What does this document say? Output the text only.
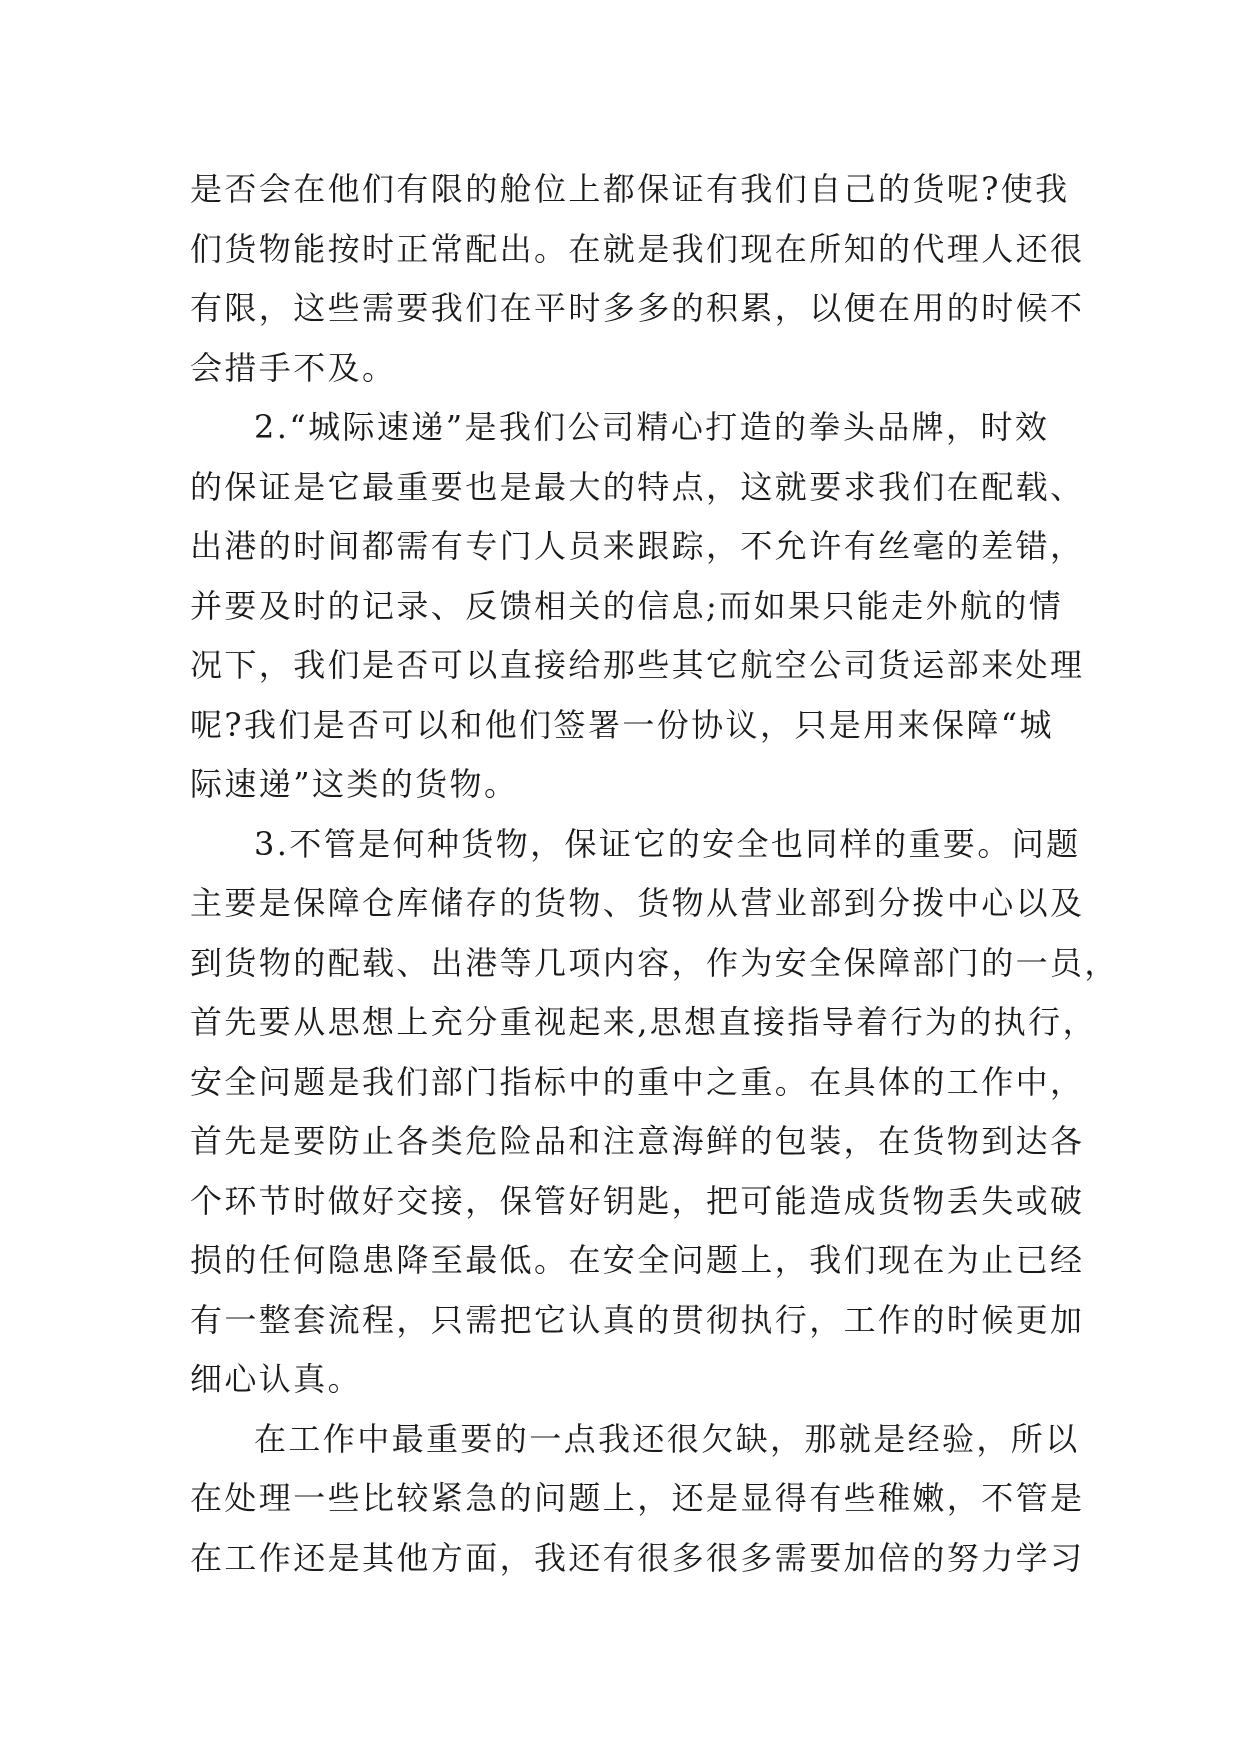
是否会在他们有限的舱位上都保证有我们自己的货呢?使我
们货物能按时正常配出。在就是我们现在所知的代理人还很
有限，这些需要我们在平时多多的积累，以便在用的时候不
会措手不及。
2.“城际速递”是我们公司精心打造的拳头品牌，时效
的保证是它最重要也是最大的特点，这就要求我们在配载、
出港的时间都需有专门人员来跟踪，不允许有丝毫的差错，
并要及时的记录、反馈相关的信息;而如果只能走外航的情
况下，我们是否可以直接给那些其它航空公司货运部来处理
呢?我们是否可以和他们签署一份协议，只是用来保障“城
际速递”这类的货物。
3.不管是何种货物，保证它的安全也同样的重要。问题
主要是保障仓库储存的货物、货物从营业部到分拨中心以及
到货物的配载、出港等几项内容，作为安全保障部门的一员，
首先要从思想上充分重视起来,思想直接指导着行为的执行，
安全问题是我们部门指标中的重中之重。在具体的工作中，
首先是要防止各类危险品和注意海鲜的包装，在货物到达各
个环节时做好交接，保管好钥匙，把可能造成货物丢失或破
损的任何隐患降至最低。在安全问题上，我们现在为止已经
有一整套流程，只需把它认真的贯彻执行，工作的时候更加
细心认真。
在工作中最重要的一点我还很欠缺，那就是经验，所以
在处理一些比较紧急的问题上，还是显得有些稚嫩，不管是
在工作还是其他方面，我还有很多很多需要加倍的努力学习
